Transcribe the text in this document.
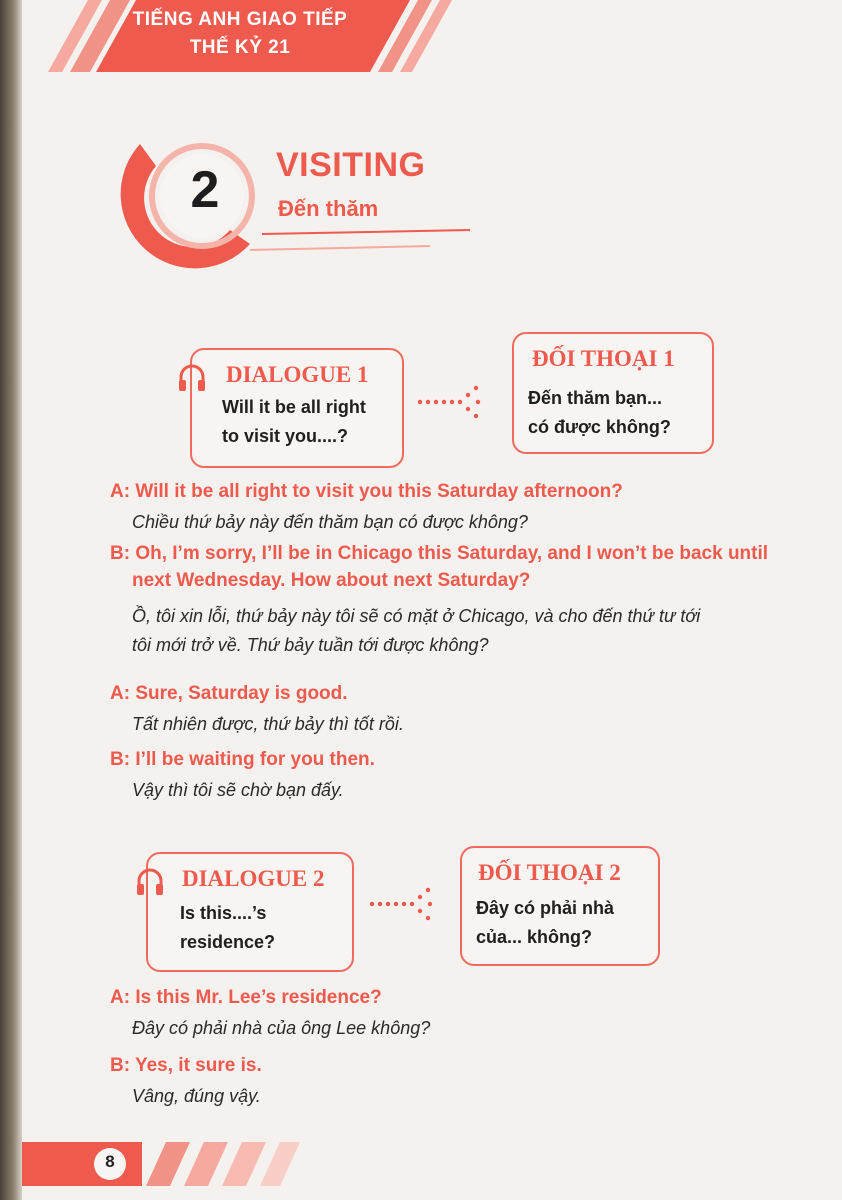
TIẾNG ANH GIAO TIẾP
THẾ KỶ 21
2	VISITING
Đến thăm
DIALOGUE 1
Will it be all right
to visit you....?
ĐỐI THOẠI 1
Đến thăm bạn...
có được không?
A: Will it be all right to visit you this Saturday afternoon?
Chiều thứ bảy này đến thăm bạn có được không?
B: Oh, I’m sorry, I’ll be in Chicago this Saturday, and I won’t be back until
next Wednesday. How about next Saturday?
Ồ, tôi xin lỗi, thứ bảy này tôi sẽ có mặt ở Chicago, và cho đến thứ tư tới
tôi mới trở về. Thứ bảy tuần tới được không?
A: Sure, Saturday is good.
Tất nhiên được, thứ bảy thì tốt rồi.
B: I’ll be waiting for you then.
Vậy thì tôi sẽ chờ bạn đấy.
DIALOGUE 2
Is this....’s
residence?
ĐỐI THOẠI 2
Đây có phải nhà
của... không?
A: Is this Mr. Lee’s residence?
Đây có phải nhà của ông Lee không?
B: Yes, it sure is.
Vâng, đúng vậy.
8
